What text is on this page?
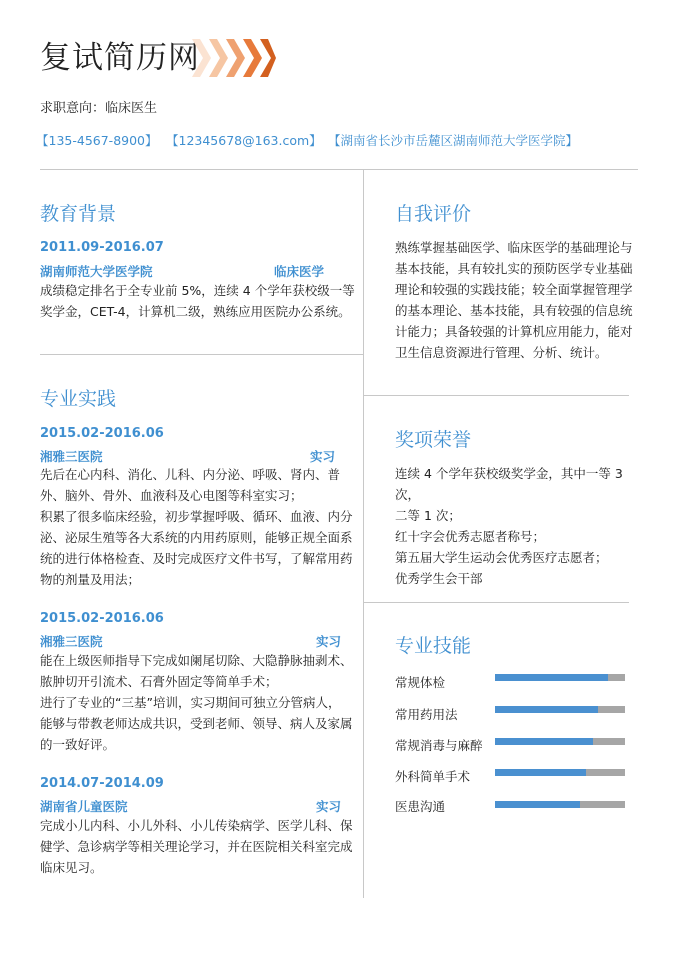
复试简历网
求职意向：临床医生
【135-4567-8900】 【12345678@163.com】 【湖南省长沙市岳麓区湖南师范大学医学院】
教育背景
2011.09-2016.07
湖南师范大学医学院	临床医学
成绩稳定排名于全专业前 5%，连续 4 个学年获校级一等
奖学金，CET-4，计算机二级，熟练应用医院办公系统。
专业实践
2015.02-2016.06
湘雅三医院	实习
先后在心内科、消化、儿科、内分泌、呼吸、肾内、普
外、脑外、骨外、血液科及心电图等科室实习；
积累了很多临床经验，初步掌握呼吸、循环、血液、内分
泌、泌尿生殖等各大系统的内用药原则，能够正规全面系
统的进行体格检查、及时完成医疗文件书写，了解常用药
物的剂量及用法；
2015.02-2016.06
湘雅三医院	实习
能在上级医师指导下完成如阑尾切除、大隐静脉抽剥术、
脓肿切开引流术、石膏外固定等简单手术；
进行了专业的“三基”培训，实习期间可独立分管病人，
能够与带教老师达成共识，受到老师、领导、病人及家属
的一致好评。
2014.07-2014.09
湖南省儿童医院	实习
完成小儿内科、小儿外科、小儿传染病学、医学儿科、保
健学、急诊病学等相关理论学习，并在医院相关科室完成
临床见习。
自我评价
熟练掌握基础医学、临床医学的基础理论与
基本技能，具有较扎实的预防医学专业基础
理论和较强的实践技能；较全面掌握管理学
的基本理论、基本技能，具有较强的信息统
计能力；具备较强的计算机应用能力，能对
卫生信息资源进行管理、分析、统计。
奖项荣誉
连续 4 个学年获校级奖学金，其中一等 3 次，
二等 1 次；
红十字会优秀志愿者称号；
第五届大学生运动会优秀医疗志愿者；
优秀学生会干部
专业技能
常规体检
常用药用法
常规消毒与麻醉
外科简单手术
医患沟通
